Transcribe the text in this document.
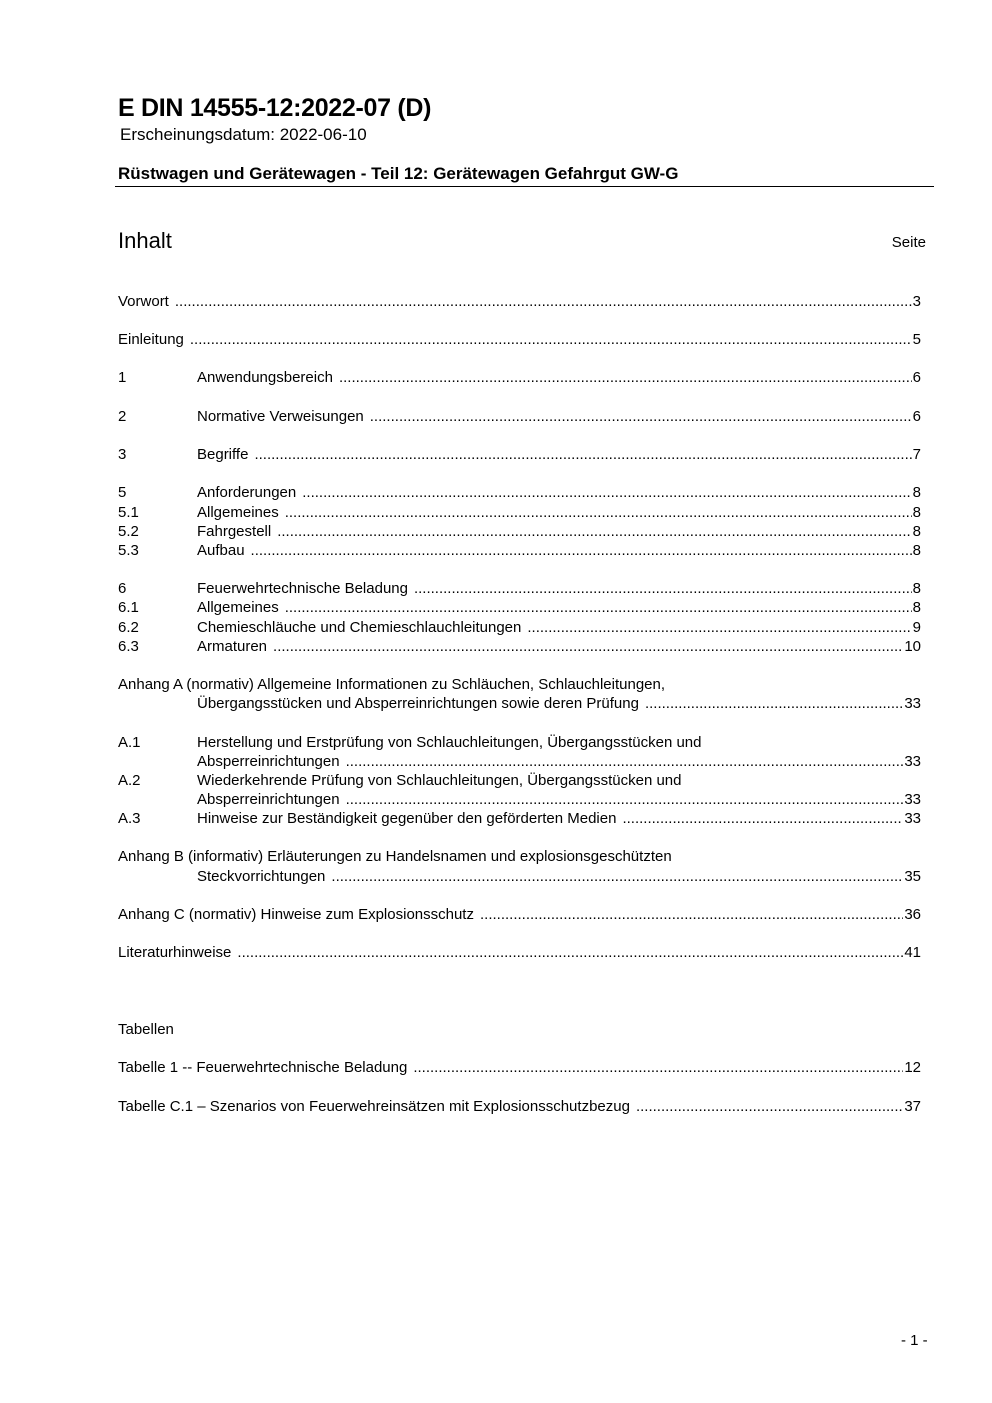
E DIN 14555-12:2022-07 (D)
Erscheinungsdatum: 2022-06-10
Rüstwagen und Gerätewagen - Teil 12: Gerätewagen Gefahrgut GW-G
Inhalt	Seite
Vorwort .....	3
Einleitung .....	5
1	Anwendungsbereich .....	6
2	Normative Verweisungen .....	6
3	Begriffe .....	7
5	Anforderungen .....	8
5.1	Allgemeines .....	8
5.2	Fahrgestell .....	8
5.3	Aufbau .....	8
6	Feuerwehrtechnische Beladung .....	8
6.1	Allgemeines .....	8
6.2	Chemieschläuche und Chemieschlauchleitungen .....	9
6.3	Armaturen .....	10
Anhang A (normativ) Allgemeine Informationen zu Schläuchen, Schlauchleitungen,
Übergangsstücken und Absperreinrichtungen sowie deren Prüfung .....	33
A.1	Herstellung und Erstprüfung von Schlauchleitungen, Übergangsstücken und
Absperreinrichtungen .....	33
A.2	Wiederkehrende Prüfung von Schlauchleitungen, Übergangsstücken und
Absperreinrichtungen .....	33
A.3	Hinweise zur Beständigkeit gegenüber den geförderten Medien .....	33
Anhang B (informativ) Erläuterungen zu Handelsnamen und explosionsgeschützten
Steckvorrichtungen .....	35
Anhang C (normativ) Hinweise zum Explosionsschutz .....	36
Literaturhinweise .....	41
Tabellen
Tabelle 1 -- Feuerwehrtechnische Beladung .....	12
Tabelle C.1 – Szenarios von Feuerwehreinsätzen mit Explosionsschutzbezug .....	37
- 1 -
